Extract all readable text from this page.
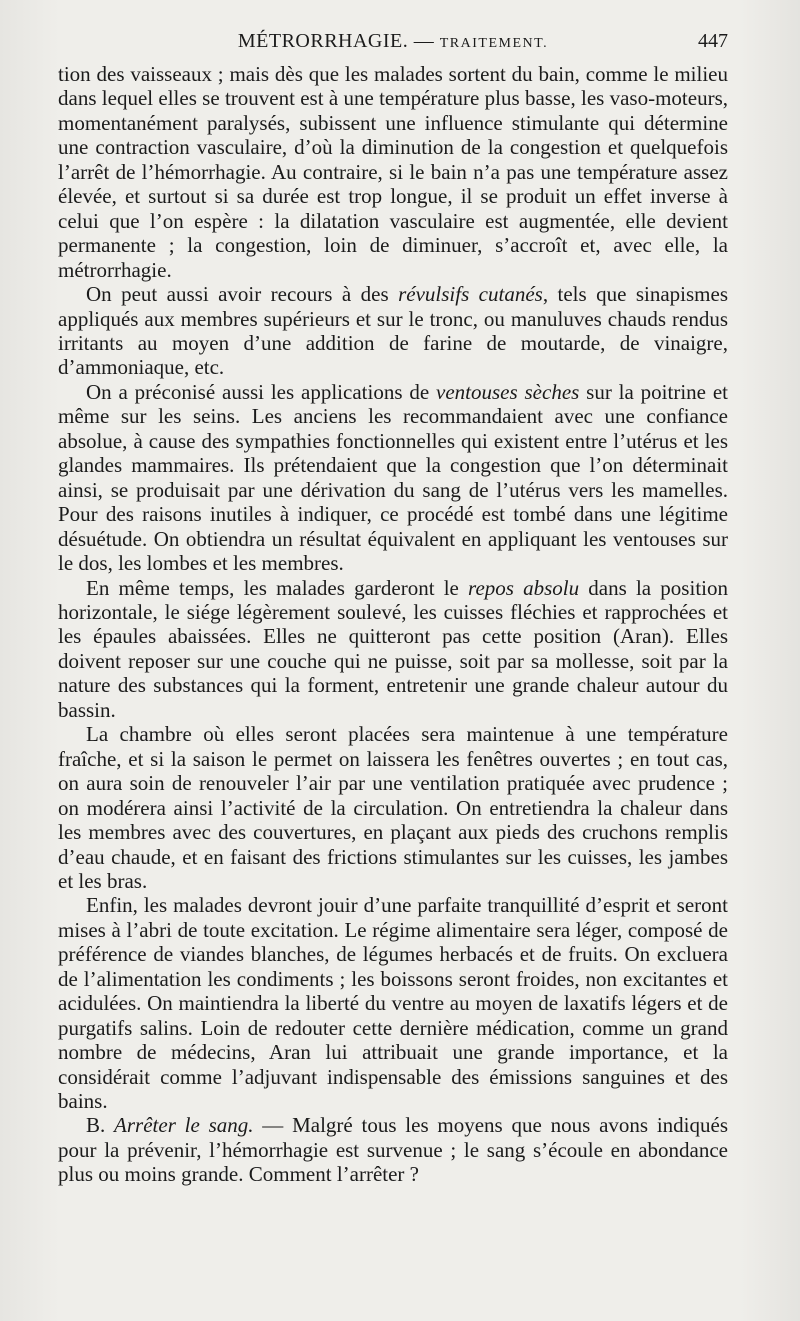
MÉTRORRHAGIE. — TRAITEMENT.	447

tion des vaisseaux ; mais dès que les malades sortent du bain, comme le milieu dans lequel elles se trouvent est à une température plus basse, les vaso-moteurs, momentanément paralysés, subissent une influence stimulante qui détermine une contraction vasculaire, d’où la diminution de la congestion et quelquefois l’arrêt de l’hémorrhagie. Au contraire, si le bain n’a pas une température assez élevée, et surtout si sa durée est trop longue, il se produit un effet inverse à celui que l’on espère : la dilatation vasculaire est augmentée, elle devient permanente ; la congestion, loin de diminuer, s’accroît et, avec elle, la métrorrhagie.

On peut aussi avoir recours à des révulsifs cutanés, tels que sinapismes appliqués aux membres supérieurs et sur le tronc, ou manuluves chauds rendus irritants au moyen d’une addition de farine de moutarde, de vinaigre, d’ammoniaque, etc.

On a préconisé aussi les applications de ventouses sèches sur la poitrine et même sur les seins. Les anciens les recommandaient avec une confiance absolue, à cause des sympathies fonctionnelles qui existent entre l’utérus et les glandes mammaires. Ils prétendaient que la congestion que l’on déterminait ainsi, se produisait par une dérivation du sang de l’utérus vers les mamelles. Pour des raisons inutiles à indiquer, ce procédé est tombé dans une légitime désuétude. On obtiendra un résultat équivalent en appliquant les ventouses sur le dos, les lombes et les membres.

En même temps, les malades garderont le repos absolu dans la position horizontale, le siége légèrement soulevé, les cuisses fléchies et rapprochées et les épaules abaissées. Elles ne quitteront pas cette position (Aran). Elles doivent reposer sur une couche qui ne puisse, soit par sa mollesse, soit par la nature des substances qui la forment, entretenir une grande chaleur autour du bassin.

La chambre où elles seront placées sera maintenue à une température fraîche, et si la saison le permet on laissera les fenêtres ouvertes ; en tout cas, on aura soin de renouveler l’air par une ventilation pratiquée avec prudence ; on modérera ainsi l’activité de la circulation. On entretiendra la chaleur dans les membres avec des couvertures, en plaçant aux pieds des cruchons remplis d’eau chaude, et en faisant des frictions stimulantes sur les cuisses, les jambes et les bras.

Enfin, les malades devront jouir d’une parfaite tranquillité d’esprit et seront mises à l’abri de toute excitation. Le régime alimentaire sera léger, composé de préférence de viandes blanches, de légumes herbacés et de fruits. On excluera de l’alimentation les condiments ; les boissons seront froides, non excitantes et acidulées. On maintiendra la liberté du ventre au moyen de laxatifs légers et de purgatifs salins. Loin de redouter cette dernière médication, comme un grand nombre de médecins, Aran lui attribuait une grande importance, et la considérait comme l’adjuvant indispensable des émissions sanguines et des bains.

B. Arrêter le sang. — Malgré tous les moyens que nous avons indiqués pour la prévenir, l’hémorrhagie est survenue ; le sang s’écoule en abondance plus ou moins grande. Comment l’arrêter ?
